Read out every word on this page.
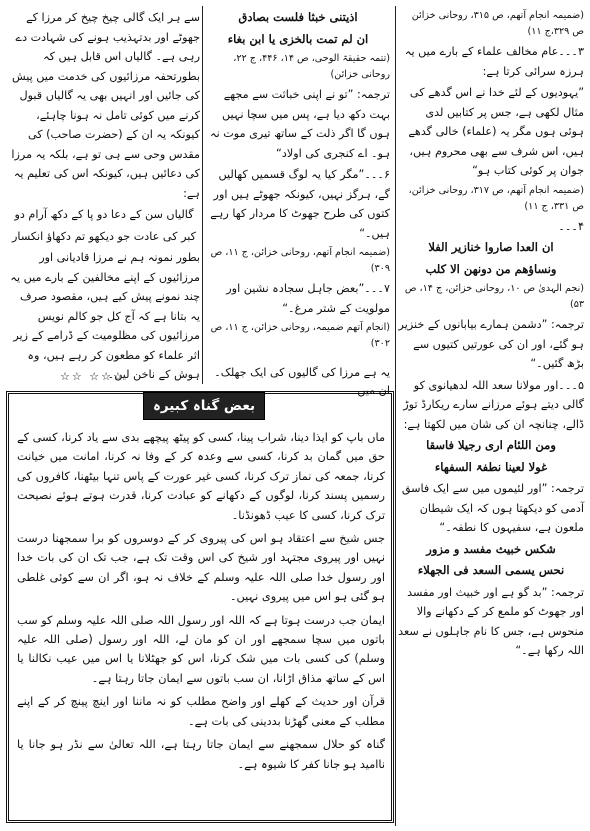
(ضمیمہ انجام آتھم، ص ۳۱۵، روحانی خزائن ص ۳۲۹،ج ۱۱)

۳۔۔۔عام مخالف علماء کے بارے میں یہ ہرزہ سرائی کرتا ہے:

”یہودیوں کے لئے خدا نے اس گدھے کی مثال لکھی ہے، جس پر کتابیں لدی ہوئی ہوں مگر یہ (علماء) خالی گدھے ہیں، اس شرف سے بھی محروم ہیں، جوان پر کوئی کتاب ہو“

(ضمیمہ انجام آتھم، ص ۳۱۷، روحانی خزائن، ص ۳۳۱، ج ۱۱)

۴۔۔۔

ان العدا صاروا خنازیر الفلا

ونساؤھم من دونھن الا کلب

(نجم الہدیٰ ص ۱۰، روحانی خزائن، ج ۱۴، ص ۵۳)

ترجمہ: ”دشمن ہمارے بیابانوں کے خنزیر ہو گئے، اور ان کی عورتیں کتیوں سے بڑھ گئیں۔“

۵۔۔۔اور مولانا سعد اللہ لدھیانوی کو گالی دیتے ہوئے مرزانے سارے ریکارڈ توڑ ڈالے، چنانچہ ان کی شان میں لکھتا ہے:

ومن اللئام اری رجیلا فاسقا

غولا لعینا نطفۃ السفھاء

ترجمہ: ”اور لئیموں میں سے ایک فاسق آدمی کو دیکھتا ہوں کہ ایک شیطان ملعون ہے، سفیہوں کا نطفہ۔“

شکس خبیث مفسد و مزور

نحس یسمی السعد فی الجھلاء

ترجمہ: ”بد گو ہے اور خبیث اور مفسد اور جھوٹ کو ملمع کر کے دکھانے والا منحوس ہے، جس کا نام جاہلوں نے سعد اللہ رکھا ہے۔“

اذیتنی خبثا فلست بصادق

ان لم تمت بالخزی یا ابن بغاء

(تتمہ حقیقۃ الوحی، ص ۱۴، ۴۴۶، ج ۲۲، روحانی خزائن)

ترجمہ: ”تو نے اپنی خباثت سے مجھے بہت دکھ دیا ہے، پس میں سچا نہیں ہوں گا اگر ذلت کے ساتھ تیری موت نہ ہو۔ اے کنجری کی اولاد“

۶۔۔۔”مگر کیا یہ لوگ قسمیں کھالیں گے، ہرگز نہیں، کیونکہ جھوٹے ہیں اور کتوں کی طرح جھوٹ کا مردار کھا رہے ہیں۔“

(ضمیمہ انجام آتھم، روحانی خزائن، ج ۱۱، ص ۳۰۹)

۷۔۔۔”بعض جاہل سجادہ نشین اور مولویت کے شتر مرغ۔“

(انجام آتھم ضمیمہ، روحانی خزائن، ج ۱۱، ص ۳۰۲)

یہ ہے مرزا کی گالیوں کی ایک جھلک۔ ان میں

سے ہر ایک گالی چیخ چیخ کر مرزا کے جھوٹے اور بدتہذیب ہونے کی شہادت دے رہی ہے۔ گالیاں اس قابل ہیں کہ بطورتحفہ مرزائیوں کی خدمت میں پیش کی جائیں اور انہیں بھی یہ گالیاں قبول کرنے میں کوئی تامل نہ ہونا چاہئے، کیونکہ یہ ان کے (حضرت صاحب) کی مقدس وحی سے ہی تو ہے، بلکہ یہ مرزا کی دعائیں ہیں، کیونکہ اس کی تعلیم یہ ہے:

گالیاں سن کے دعا دو پا کے دکھ آرام دو

کبر کی عادت جو دیکھو تم دکھاؤ انکسار

بطور نمونہ ہم نے مرزا قادیانی اور مرزائیوں کے اپنے مخالفین کے بارے میں یہ چند نمونے پیش کیے ہیں، مقصود صرف یہ بتانا ہے کہ آج کل جو کالم نویس مرزائیوں کی مظلومیت کے ڈرامے کے زیر اثر علماء کو مطعون کر رہے ہیں، وہ ہوش کے ناخن لیں۔

☆☆ ☆☆☆
بعض گناہ کبیرہ

ماں باپ کو ایذا دینا، شراب پینا، کسی کو پیٹھ پیچھے بدی سے یاد کرنا، کسی کے حق میں گمان بد کرنا، کسی سے وعدہ کر کے وفا نہ کرنا، امانت میں خیانت کرنا، جمعہ کی نماز ترک کرنا، کسی غیر عورت کے پاس تنہا بیٹھنا، کافروں کی رسمیں پسند کرنا، لوگوں کے دکھانے کو عبادت کرنا، قدرت ہوتے ہوئے نصیحت ترک کرنا، کسی کا عیب ڈھونڈنا۔

جس شیخ سے اعتقاد ہو اس کی پیروی کر کے دوسروں کو برا سمجھنا درست نہیں اور پیروی مجتہد اور شیخ کی اس وقت تک ہے، جب تک ان کی بات خدا اور رسول خدا صلی اللہ علیہ وسلم کے خلاف نہ ہو، اگر ان سے کوئی غلطی ہو گئی ہو اس میں پیروی نہیں۔

ایمان جب درست ہوتا ہے کہ اللہ اور رسول اللہ صلی اللہ علیہ وسلم کو سب باتوں میں سچا سمجھے اور ان کو مان لے، اللہ اور رسول (صلی اللہ علیہ وسلم) کی کسی بات میں شک کرنا، اس کو جھٹلانا یا اس میں عیب نکالنا یا اس کے ساتھ مذاق اڑانا، ان سب باتوں سے ایمان جاتا رہتا ہے۔

قرآن اور حدیث کے کھلے اور واضح مطلب کو نہ ماننا اور اینچ پینچ کر کے اپنے مطلب کے معنی گھڑنا بددینی کی بات ہے۔

گناہ کو حلال سمجھنے سے ایمان جاتا رہتا ہے، اللہ تعالیٰ سے نڈر ہو جانا یا ناامید ہو جانا کفر کا شیوہ ہے۔
